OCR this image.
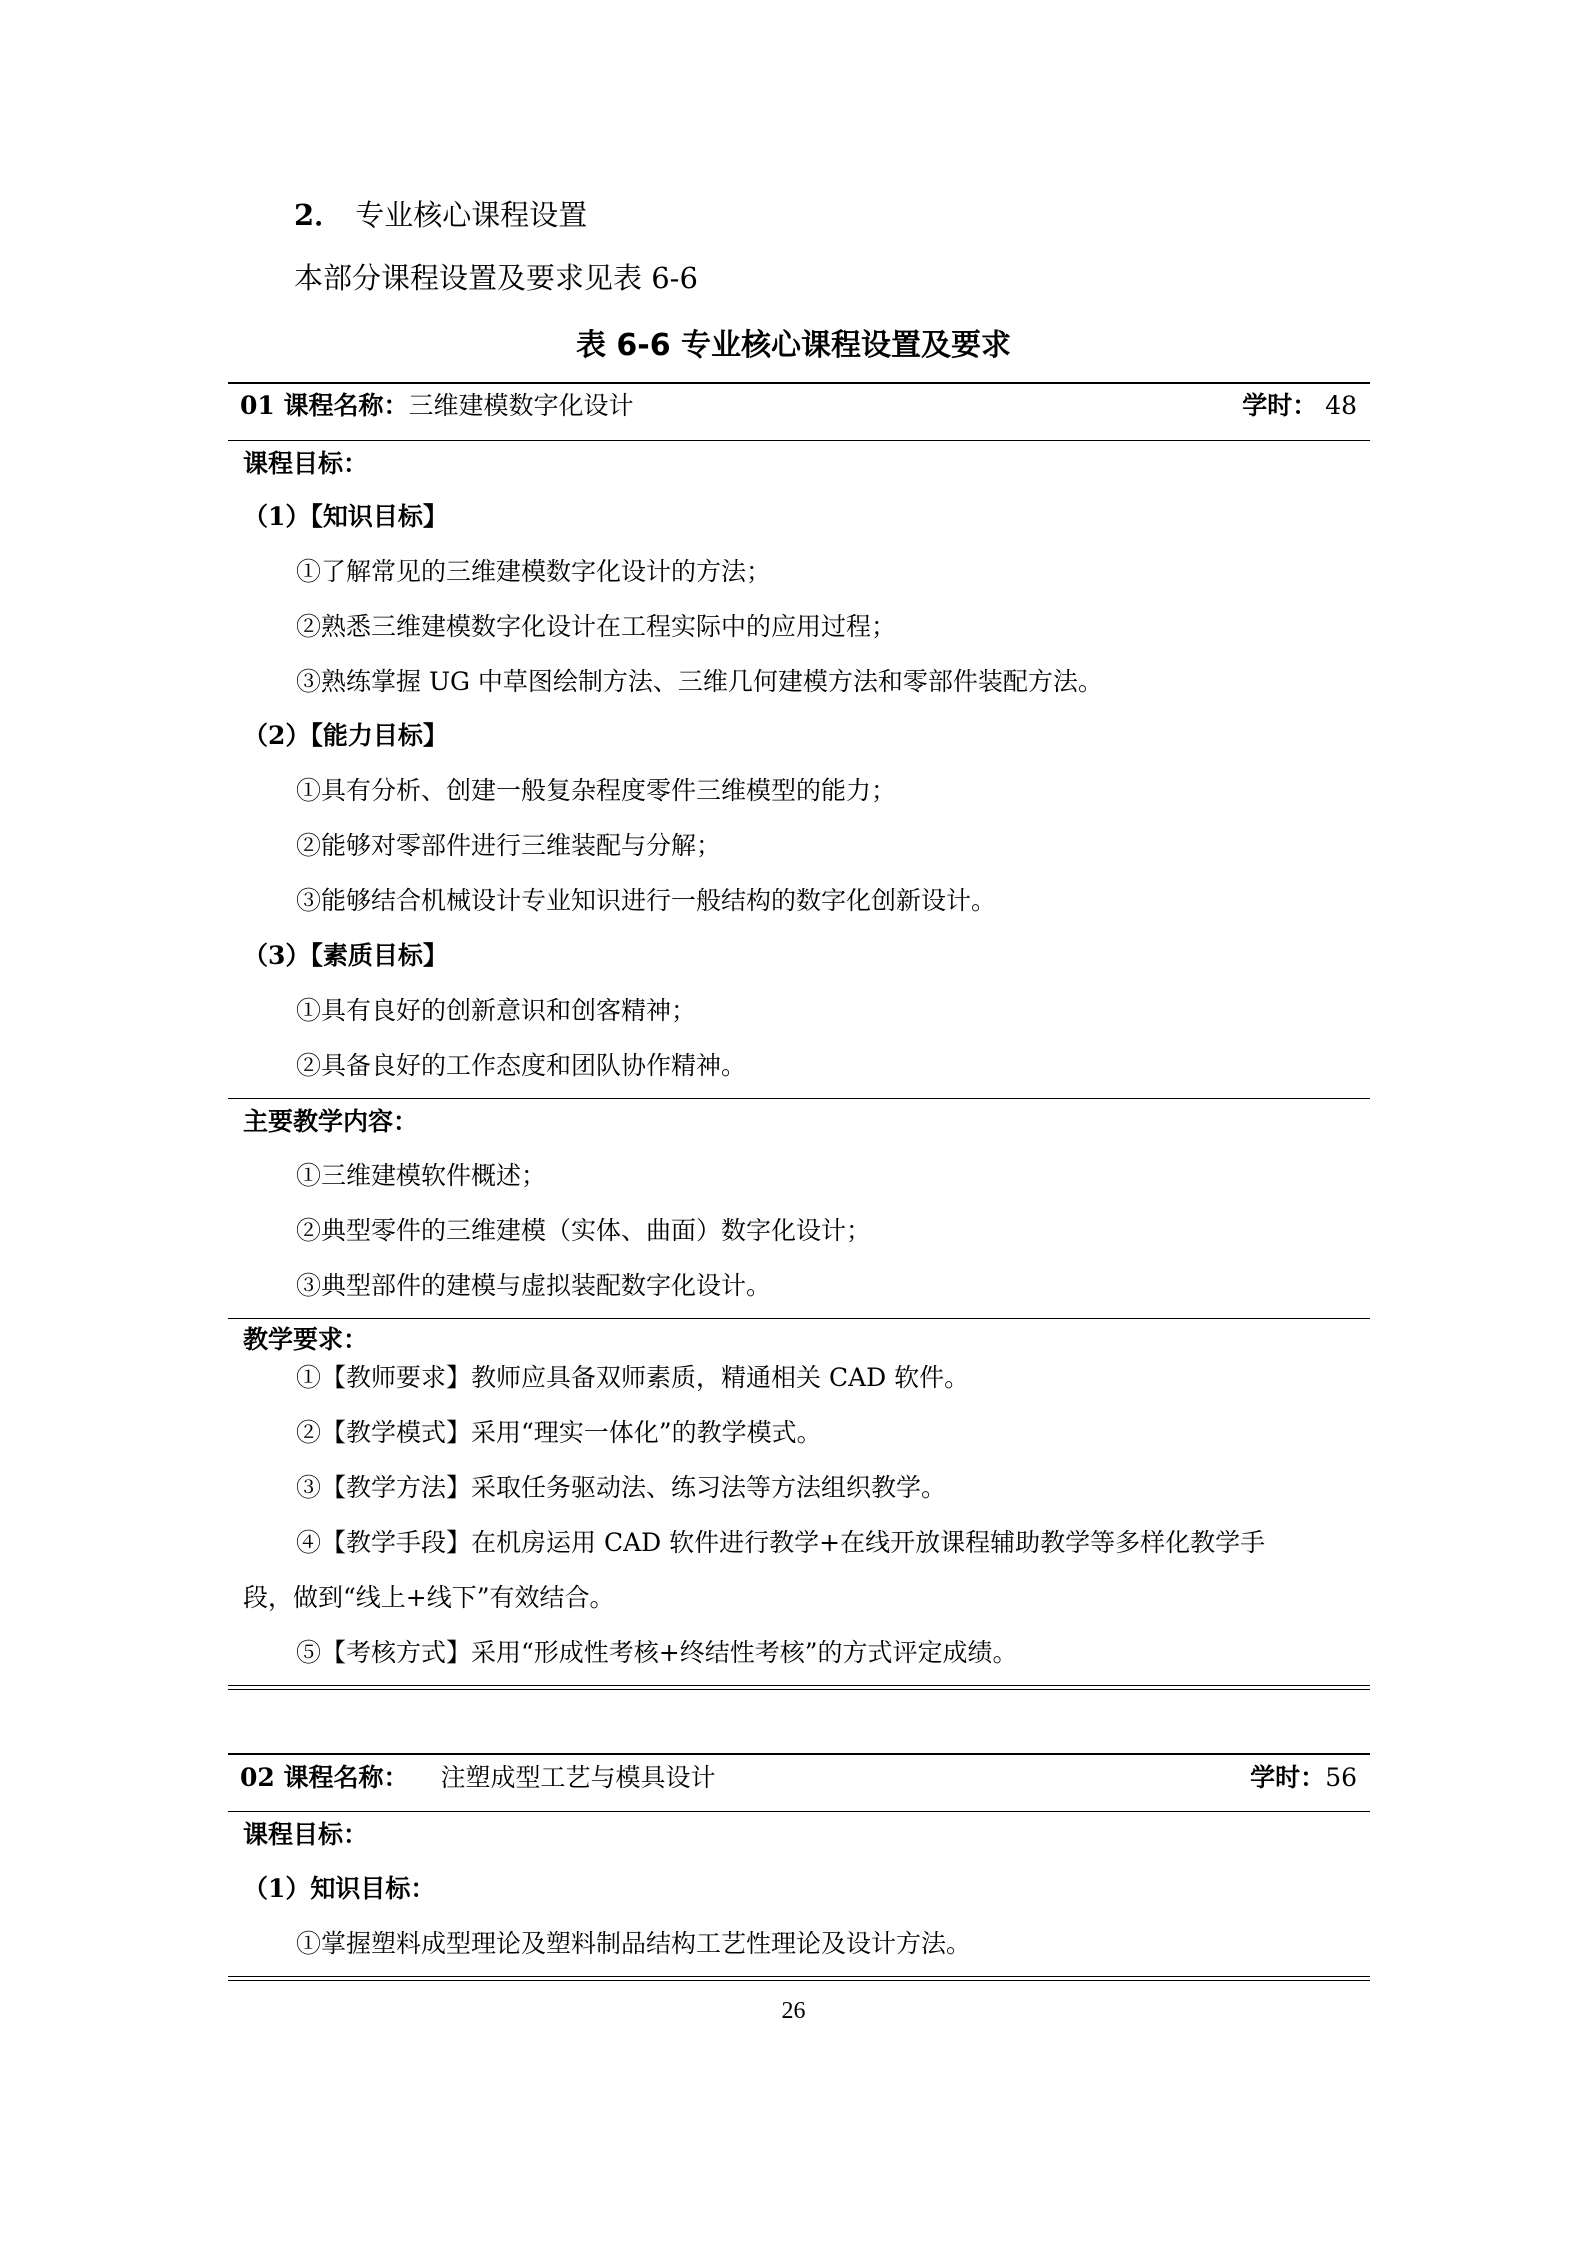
2． 专业核心课程设置
本部分课程设置及要求见表 6-6
表 6-6 专业核心课程设置及要求
01 课程名称：三维建模数字化设计	学时： 48
课程目标：
（1）【知识目标】
①了解常见的三维建模数字化设计的方法；
②熟悉三维建模数字化设计在工程实际中的应用过程；
③熟练掌握 UG 中草图绘制方法、三维几何建模方法和零部件装配方法。
（2）【能力目标】
①具有分析、创建一般复杂程度零件三维模型的能力；
②能够对零部件进行三维装配与分解；
③能够结合机械设计专业知识进行一般结构的数字化创新设计。
（3）【素质目标】
①具有良好的创新意识和创客精神；
②具备良好的工作态度和团队协作精神。
主要教学内容：
①三维建模软件概述；
②典型零件的三维建模（实体、曲面）数字化设计；
③典型部件的建模与虚拟装配数字化设计。
教学要求：
①【教师要求】教师应具备双师素质，精通相关 CAD 软件。
②【教学模式】采用“理实一体化”的教学模式。
③【教学方法】采取任务驱动法、练习法等方法组织教学。
④【教学手段】在机房运用 CAD 软件进行教学+在线开放课程辅助教学等多样化教学手
段，做到“线上+线下”有效结合。
⑤【考核方式】采用“形成性考核+终结性考核”的方式评定成绩。
02 课程名称： 注塑成型工艺与模具设计	学时：56
课程目标：
（1）知识目标：
①掌握塑料成型理论及塑料制品结构工艺性理论及设计方法。
26
